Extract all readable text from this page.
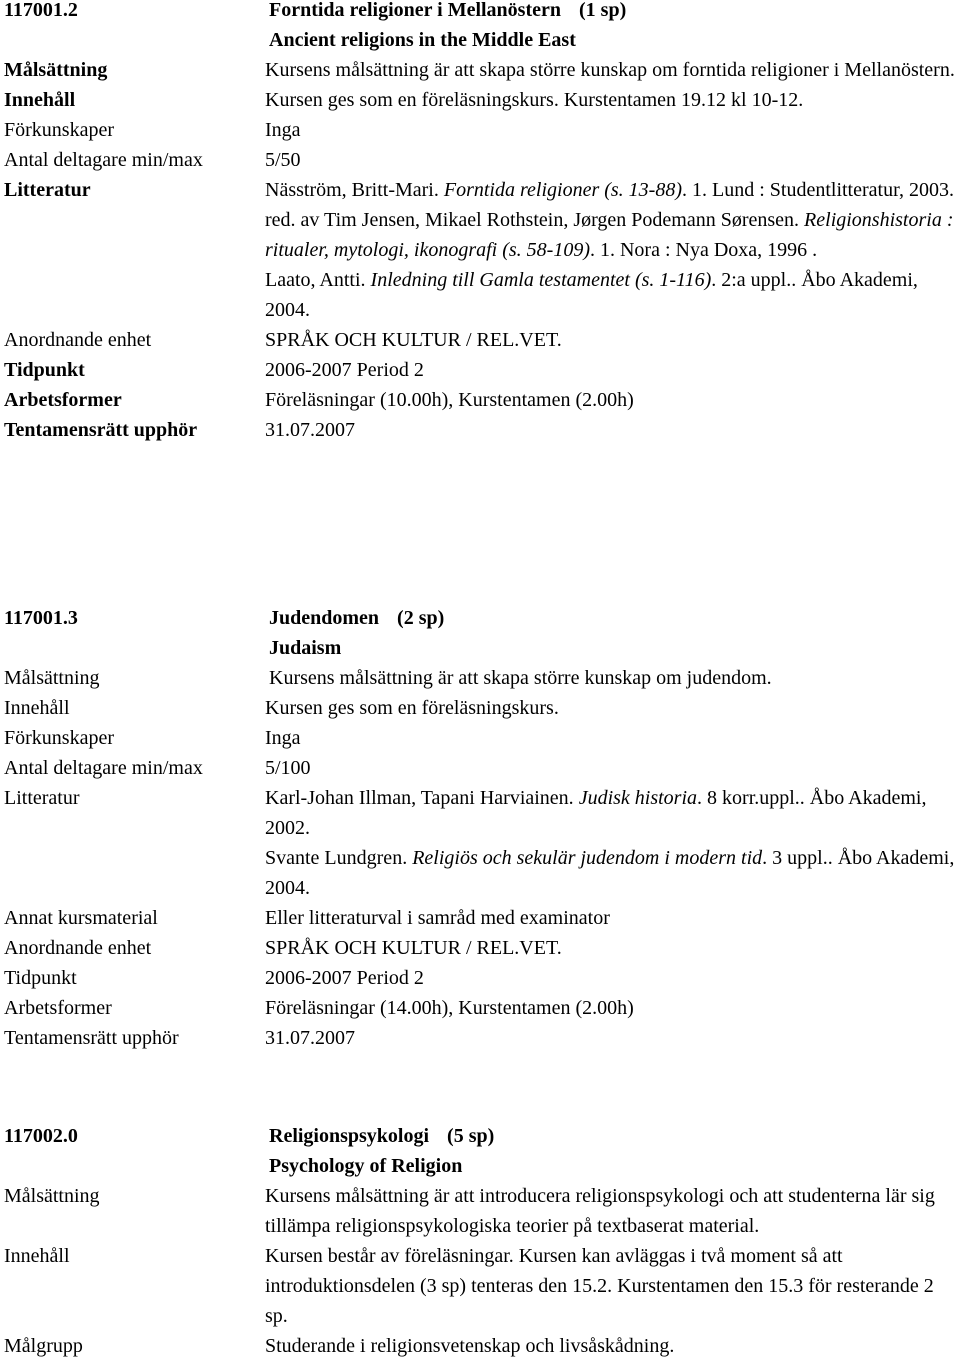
117001.2	Forntida religioner i Mellanöstern (1 sp)
Ancient religions in the Middle East
Målsättning	Kursens målsättning är att skapa större kunskap om forntida religioner i Mellanöstern.
Innehåll	Kursen ges som en föreläsningskurs. Kurstentamen 19.12 kl 10-12.
Förkunskaper	Inga
Antal deltagare min/max	5/50
Litteratur	Näsström, Britt-Mari. Forntida religioner (s. 13-88). 1. Lund : Studentlitteratur, 2003.
red. av Tim Jensen, Mikael Rothstein, Jørgen Podemann Sørensen. Religionshistoria : ritualer, mytologi, ikonografi (s. 58-109). 1. Nora : Nya Doxa, 1996 .
Laato, Antti. Inledning till Gamla testamentet (s. 1-116). 2:a uppl.. Åbo Akademi, 2004.
Anordnande enhet	SPRÅK OCH KULTUR / REL.VET.
Tidpunkt	2006-2007 Period 2
Arbetsformer	Föreläsningar (10.00h), Kurstentamen (2.00h)
Tentamensrätt upphör	31.07.2007
117001.3	Judendomen (2 sp)
Judaism
Målsättning	Kursens målsättning är att skapa större kunskap om judendom.
Innehåll	Kursen ges som en föreläsningskurs.
Förkunskaper	Inga
Antal deltagare min/max	5/100
Litteratur	Karl-Johan Illman, Tapani Harviainen. Judisk historia. 8 korr.uppl.. Åbo Akademi, 2002.
Svante Lundgren. Religiös och sekulär judendom i modern tid. 3 uppl.. Åbo Akademi, 2004.
Annat kursmaterial	Eller litteraturval i samråd med examinator
Anordnande enhet	SPRÅK OCH KULTUR / REL.VET.
Tidpunkt	2006-2007 Period 2
Arbetsformer	Föreläsningar (14.00h), Kurstentamen (2.00h)
Tentamensrätt upphör	31.07.2007
117002.0	Religionspsykologi (5 sp)
Psychology of Religion
Målsättning	Kursens målsättning är att introducera religionspsykologi och att studenterna lär sig tillämpa religionspsykologiska teorier på textbaserat material.
Innehåll	Kursen består av föreläsningar. Kursen kan avläggas i två moment så att introduktionsdelen (3 sp) tenteras den 15.2. Kurstentamen den 15.3 för resterande 2 sp.
Målgrupp	Studerande i religionsvetenskap och livsåskådning.
